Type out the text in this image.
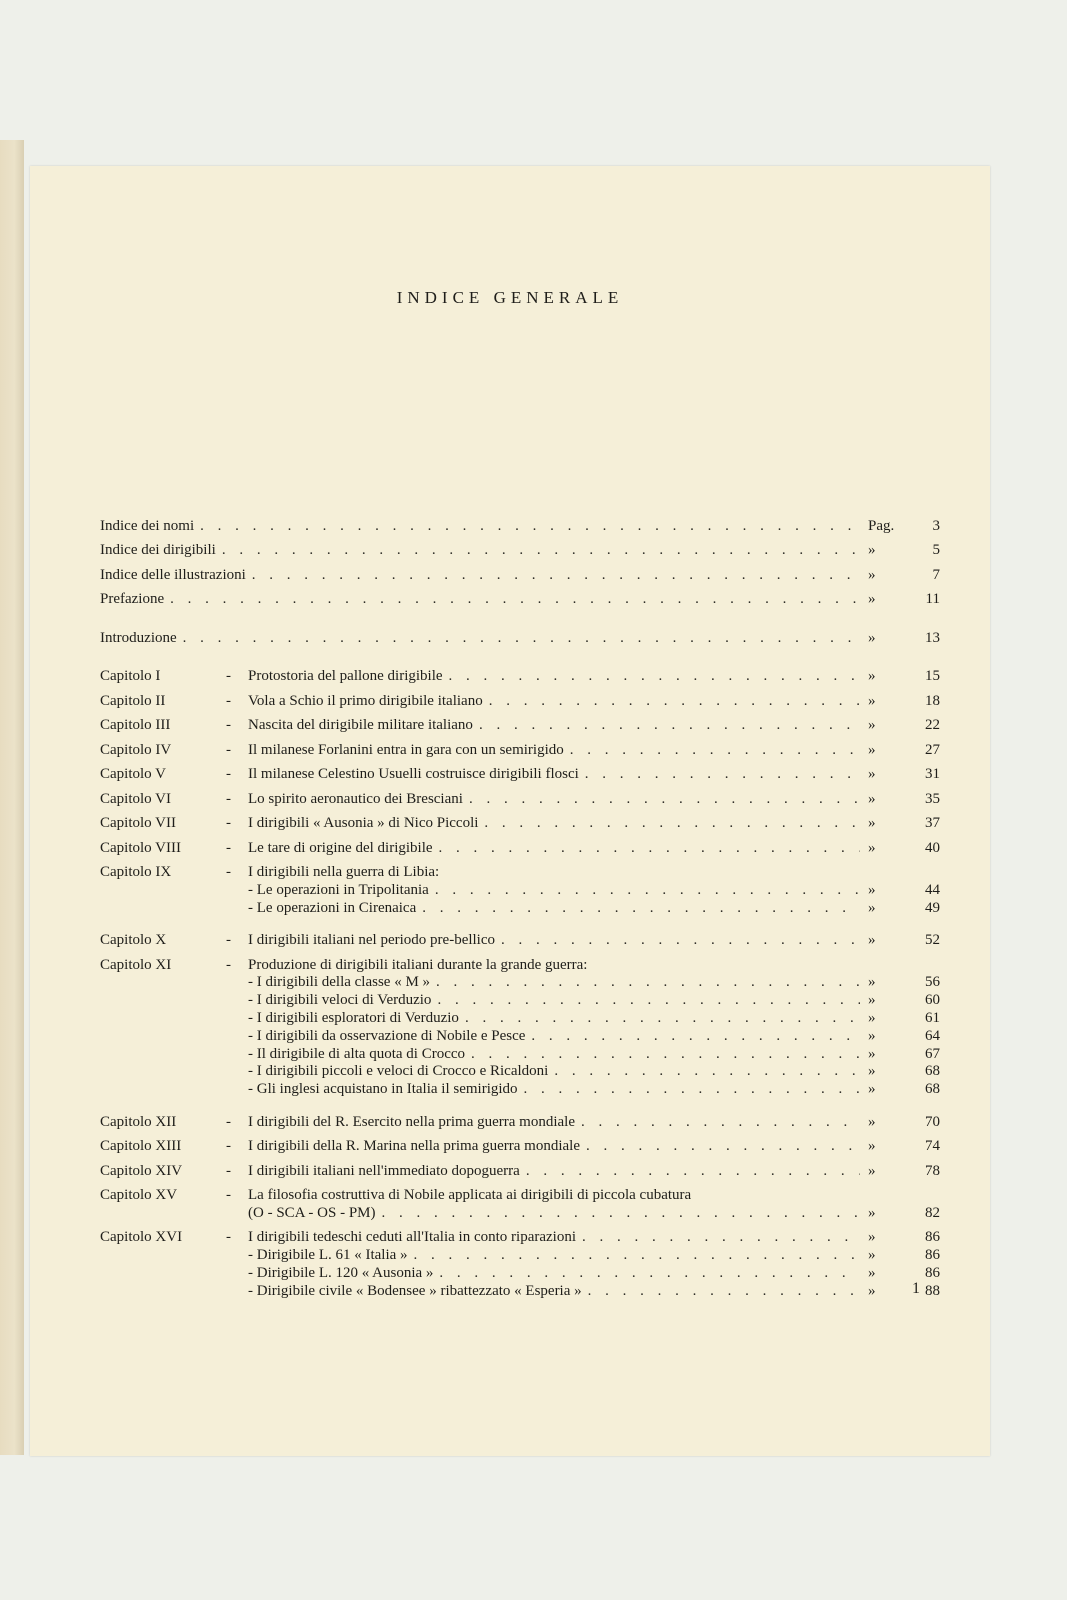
INDICE GENERALE
Indice dei nomi . . .	Pag.	3
Indice dei dirigibili . . .	»	5
Indice delle illustrazioni . . .	»	7
Prefazione . . .	»	11
Introduzione . . .	»	13
Capitolo I	-	Protostoria del pallone dirigibile . . .	»	15
Capitolo II	-	Vola a Schio il primo dirigibile italiano . . .	»	18
Capitolo III	-	Nascita del dirigibile militare italiano . . .	»	22
Capitolo IV	-	Il milanese Forlanini entra in gara con un semirigido . . .	»	27
Capitolo V	-	Il milanese Celestino Usuelli costruisce dirigibili flosci . . .	»	31
Capitolo VI	-	Lo spirito aeronautico dei Bresciani . . .	»	35
Capitolo VII	-	I dirigibili « Ausonia » di Nico Piccoli . . .	»	37
Capitolo VIII	-	Le tare di origine del dirigibile . . .	»	40
Capitolo IX	-	I dirigibili nella guerra di Libia:
- Le operazioni in Tripolitania . . .	»	44
- Le operazioni in Cirenaica . . .	»	49
Capitolo X	-	I dirigibili italiani nel periodo pre-bellico . . .	»	52
Capitolo XI	-	Produzione di dirigibili italiani durante la grande guerra:
- I dirigibili della classe « M » . . .	»	56
- I dirigibili veloci di Verduzio . . .	»	60
- I dirigibili esploratori di Verduzio . . .	»	61
- I dirigibili da osservazione di Nobile e Pesce . . .	»	64
- Il dirigibile di alta quota di Crocco . . .	»	67
- I dirigibili piccoli e veloci di Crocco e Ricaldoni . . .	»	68
- Gli inglesi acquistano in Italia il semirigido . . .	»	68
Capitolo XII	-	I dirigibili del R. Esercito nella prima guerra mondiale . . .	»	70
Capitolo XIII	-	I dirigibili della R. Marina nella prima guerra mondiale . . .	»	74
Capitolo XIV	-	I dirigibili italiani nell'immediato dopoguerra . . .	»	78
Capitolo XV	-	La filosofia costruttiva di Nobile applicata ai dirigibili di piccola cubatura
(O - SCA - OS - PM) . . .	»	82
Capitolo XVI	-	I dirigibili tedeschi ceduti all'Italia in conto riparazioni . . .	»	86
- Dirigibile L. 61 « Italia » . . .	»	86
- Dirigibile L. 120 « Ausonia » . . .	»	86
- Dirigibile civile « Bodensee » ribattezzato « Esperia » . . .	»	88
1
